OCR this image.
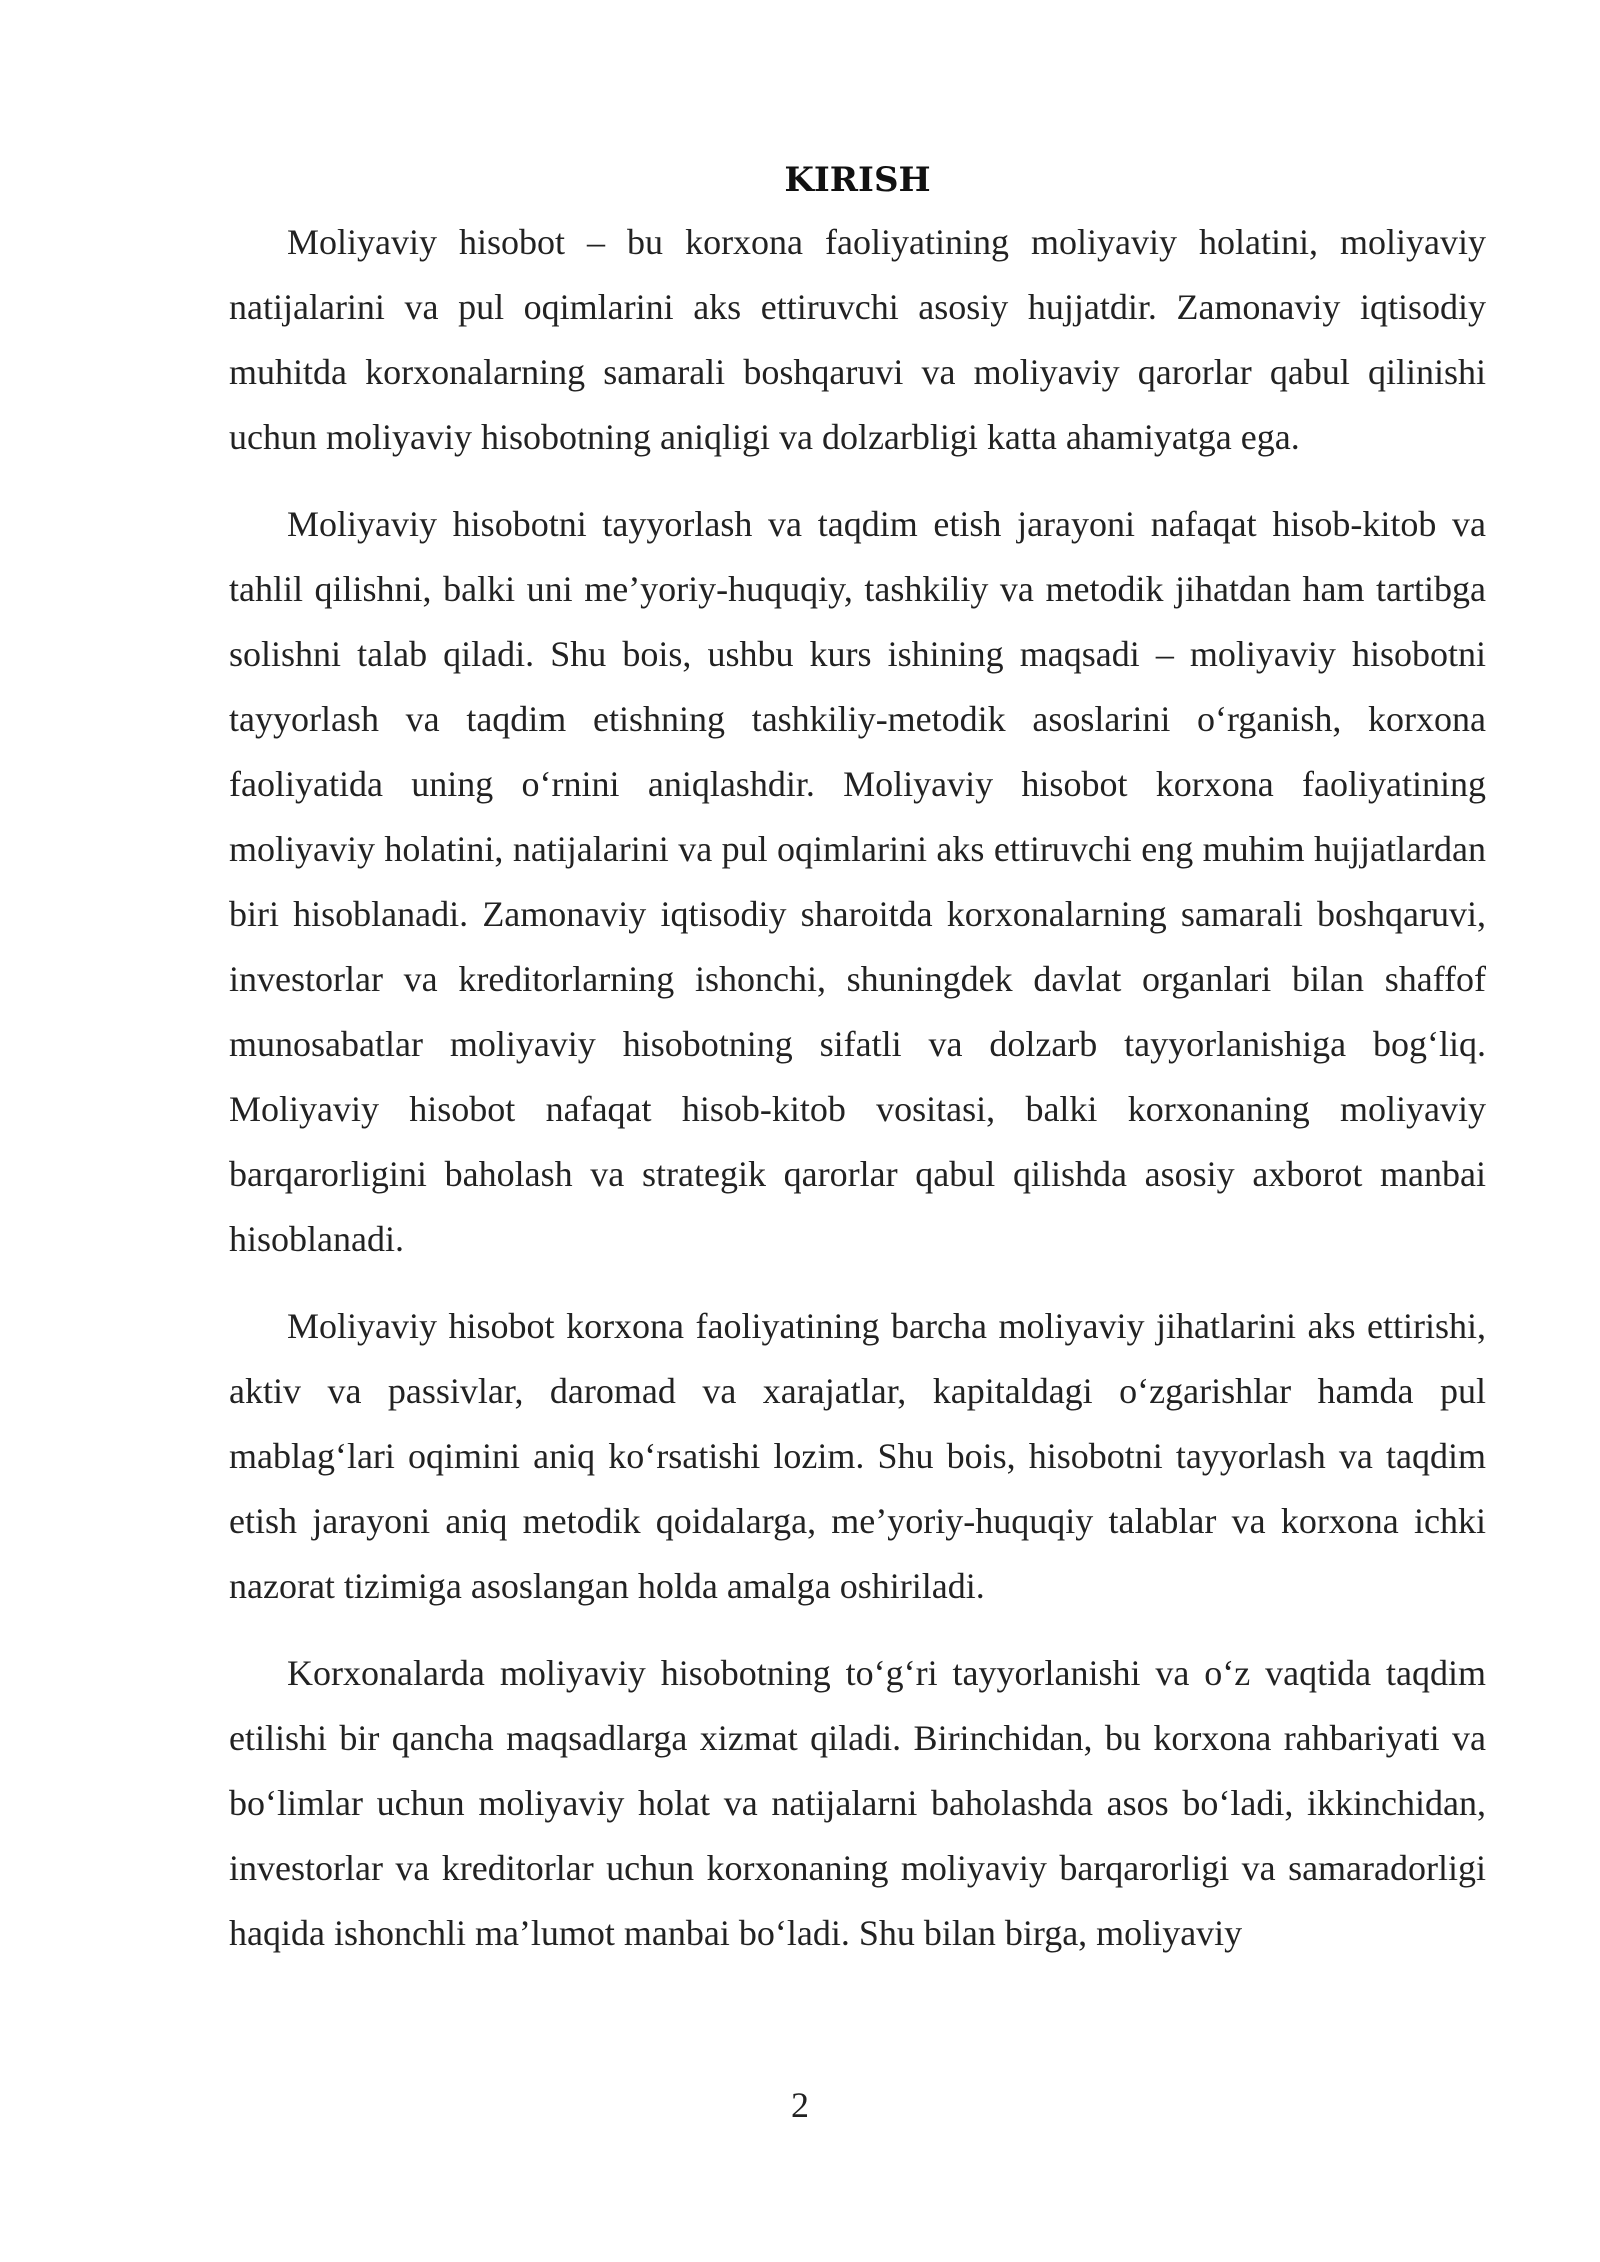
KIRISH

Moliyaviy hisobot – bu korxona faoliyatining moliyaviy holatini, moliyaviy natijalarini va pul oqimlarini aks ettiruvchi asosiy hujjatdir. Zamonaviy iqtisodiy muhitda korxonalarning samarali boshqaruvi va moliyaviy qarorlar qabul qilinishi uchun moliyaviy hisobotning aniqligi va dolzarbligi katta ahamiyatga ega.

Moliyaviy hisobotni tayyorlash va taqdim etish jarayoni nafaqat hisob-kitob va tahlil qilishni, balki uni me’yoriy-huquqiy, tashkiliy va metodik jihatdan ham tartibga solishni talab qiladi. Shu bois, ushbu kurs ishining maqsadi – moliyaviy hisobotni tayyorlash va taqdim etishning tashkiliy-metodik asoslarini o‘rganish, korxona faoliyatida uning o‘rnini aniqlashdir. Moliyaviy hisobot korxona faoliyatining moliyaviy holatini, natijalarini va pul oqimlarini aks ettiruvchi eng muhim hujjatlardan biri hisoblanadi. Zamonaviy iqtisodiy sharoitda korxonalarning samarali boshqaruvi, investorlar va kreditorlarning ishonchi, shuningdek davlat organlari bilan shaffof munosabatlar moliyaviy hisobotning sifatli va dolzarb tayyorlanishiga bog‘liq. Moliyaviy hisobot nafaqat hisob-kitob vositasi, balki korxonaning moliyaviy barqarorligini baholash va strategik qarorlar qabul qilishda asosiy axborot manbai hisoblanadi.

Moliyaviy hisobot korxona faoliyatining barcha moliyaviy jihatlarini aks ettirishi, aktiv va passivlar, daromad va xarajatlar, kapitaldagi o‘zgarishlar hamda pul mablag‘lari oqimini aniq ko‘rsatishi lozim. Shu bois, hisobotni tayyorlash va taqdim etish jarayoni aniq metodik qoidalarga, me’yoriy-huquqiy talablar va korxona ichki nazorat tizimiga asoslangan holda amalga oshiriladi.

Korxonalarda moliyaviy hisobotning to‘g‘ri tayyorlanishi va o‘z vaqtida taqdim etilishi bir qancha maqsadlarga xizmat qiladi. Birinchidan, bu korxona rahbariyati va bo‘limlar uchun moliyaviy holat va natijalarni baholashda asos bo‘ladi, ikkinchidan, investorlar va kreditorlar uchun korxonaning moliyaviy barqarorligi va samaradorligi haqida ishonchli ma’lumot manbai bo‘ladi. Shu bilan birga, moliyaviy

2
